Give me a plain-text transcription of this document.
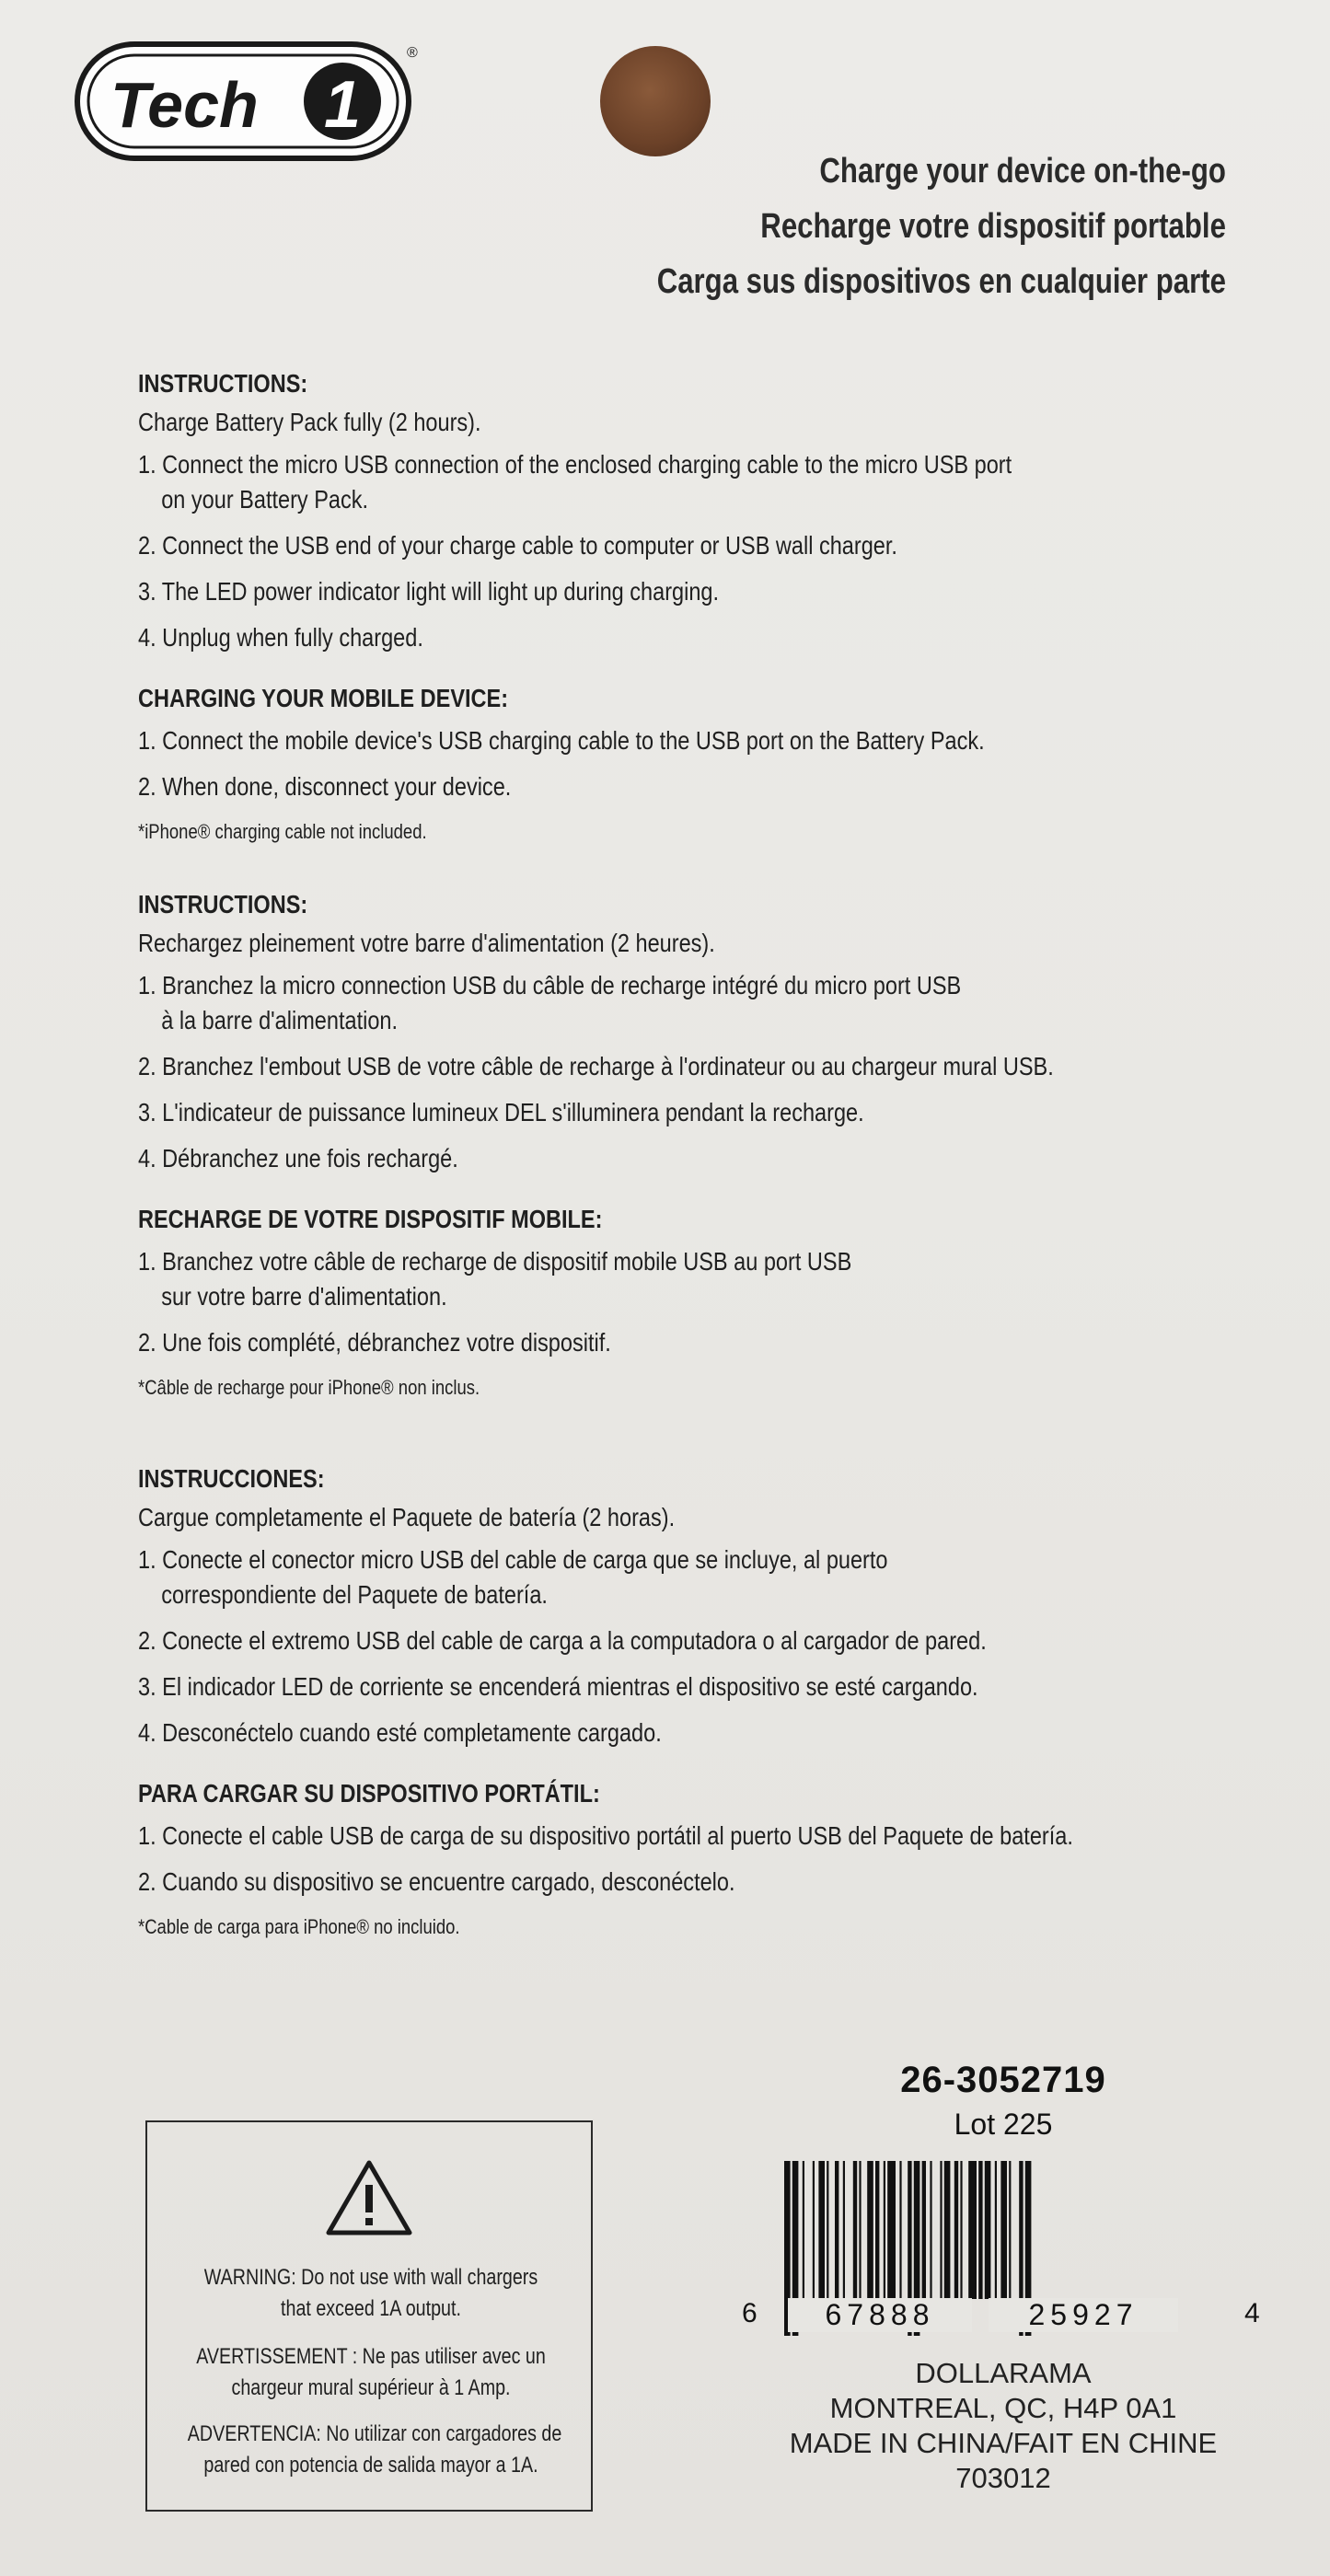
Tech 1
®
Charge your device on-the-go
Recharge votre dispositif portable
Carga sus dispositivos en cualquier parte
INSTRUCTIONS:
Charge Battery Pack fully (2 hours).
1. Connect the micro USB connection of the enclosed charging cable to the micro USB port
on your Battery Pack.
2. Connect the USB end of your charge cable to computer or USB wall charger.
3. The LED power indicator light will light up during charging.
4. Unplug when fully charged.
CHARGING YOUR MOBILE DEVICE:
1. Connect the mobile device's USB charging cable to the USB port on the Battery Pack.
2. When done, disconnect your device.
*iPhone® charging cable not included.
INSTRUCTIONS:
Rechargez pleinement votre barre d'alimentation (2 heures).
1. Branchez la micro connection USB du câble de recharge intégré du micro port USB
à la barre d'alimentation.
2. Branchez l'embout USB de votre câble de recharge à l'ordinateur ou au chargeur mural USB.
3. L'indicateur de puissance lumineux DEL s'illuminera pendant la recharge.
4. Débranchez une fois rechargé.
RECHARGE DE VOTRE DISPOSITIF MOBILE:
1. Branchez votre câble de recharge de dispositif mobile USB au port USB
sur votre barre d'alimentation.
2. Une fois complété, débranchez votre dispositif.
*Câble de recharge pour iPhone® non inclus.
INSTRUCCIONES:
Cargue completamente el Paquete de batería (2 horas).
1. Conecte el conector micro USB del cable de carga que se incluye, al puerto
correspondiente del Paquete de batería.
2. Conecte el extremo USB del cable de carga a la computadora o al cargador de pared.
3. El indicador LED de corriente se encenderá mientras el dispositivo se esté cargando.
4. Desconéctelo cuando esté completamente cargado.
PARA CARGAR SU DISPOSITIVO PORTÁTIL:
1. Conecte el cable USB de carga de su dispositivo portátil al puerto USB del Paquete de batería.
2. Cuando su dispositivo se encuentre cargado, desconéctelo.
*Cable de carga para iPhone® no incluido.
WARNING: Do not use with wall chargers
that exceed 1A output.
AVERTISSEMENT : Ne pas utiliser avec un
chargeur mural supérieur à 1 Amp.
ADVERTENCIA: No utilizar con cargadores de
pared con potencia de salida mayor a 1A.
26-3052719
Lot 225
6	67888	25927	4
DOLLARAMA
MONTREAL, QC, H4P 0A1
MADE IN CHINA/FAIT EN CHINE
703012
